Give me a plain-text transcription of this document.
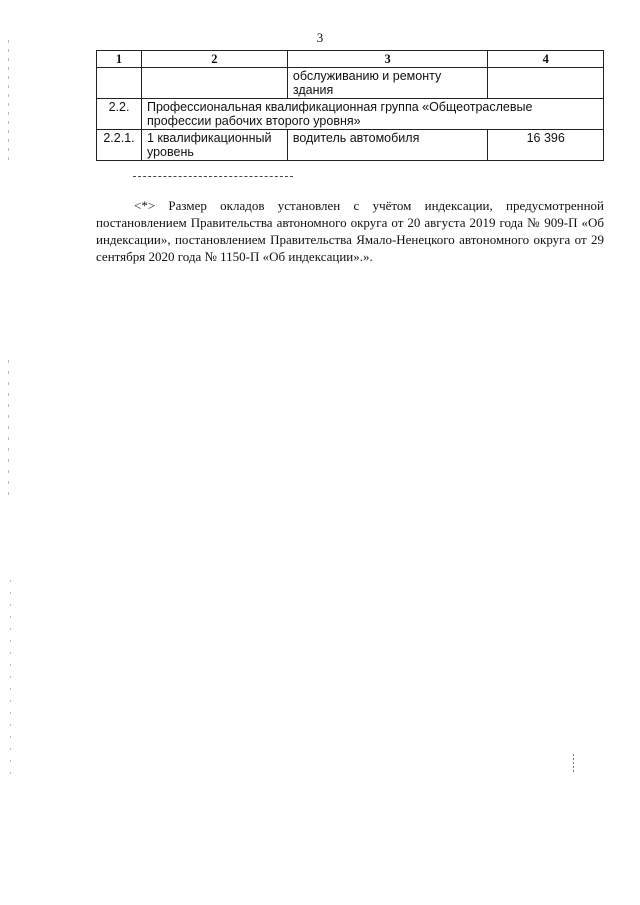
3
1	2	3	4
		обслуживанию и ремонту здания	
2.2.	Профессиональная квалификационная группа «Общеотраслевые профессии рабочих второго уровня»		
2.2.1.	1 квалификационный уровень	водитель автомобиля	16 396

<*> Размер окладов установлен с учётом индексации, предусмотренной постановлением Правительства автономного округа от 20 августа 2019 года № 909-П «Об индексации», постановлением Правительства Ямало-Ненецкого автономного округа от 29 сентября 2020 года № 1150-П «Об индексации».».
